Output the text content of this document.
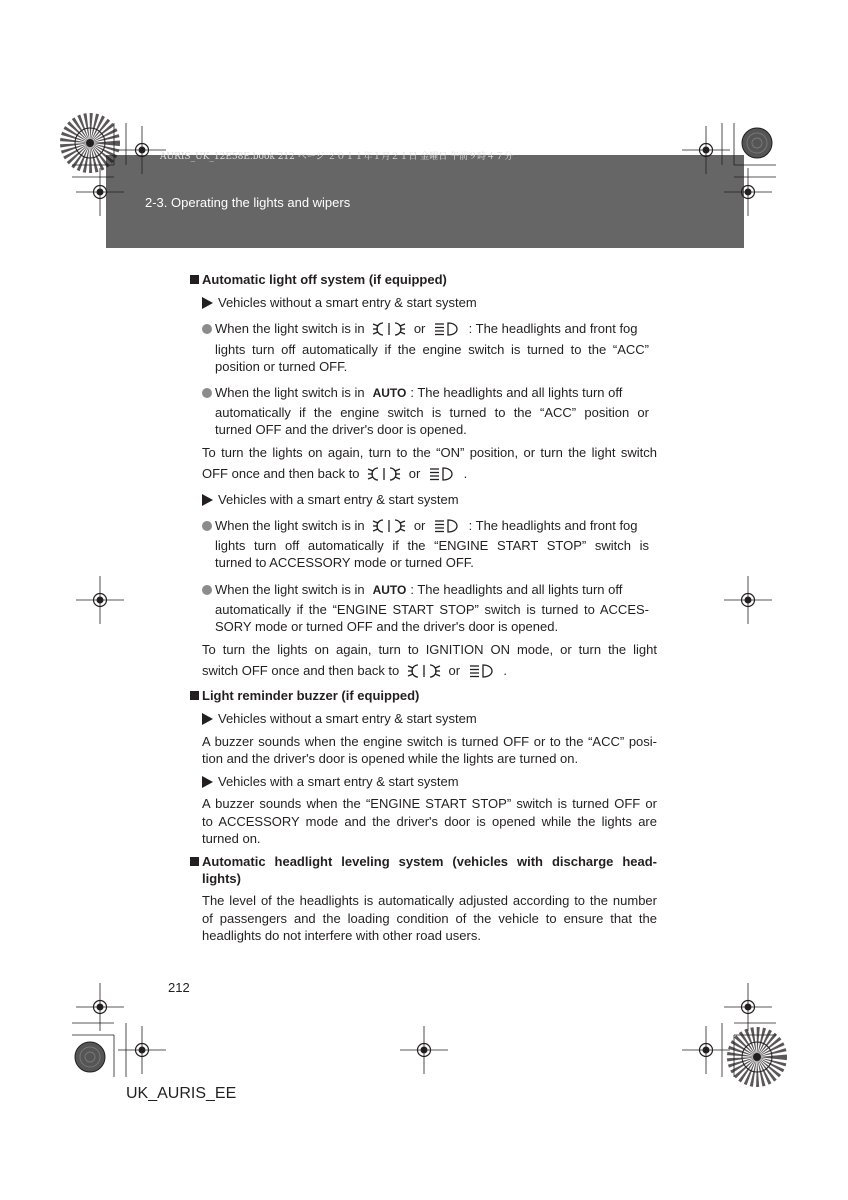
AURIS_UK_12E58E.book 212 ページ ２０１１年１月２１日 金曜日 午前９時４７分
2-3. Operating the lights and wipers
Automatic light off system (if equipped)
Vehicles without a smart entry & start system
When the light switch is in	or	: The headlights and front fog
lights turn off automatically if the engine switch is turned to the “ACC”
position or turned OFF.
When the light switch is in AUTO : The headlights and all lights turn off
automatically if the engine switch is turned to the “ACC” position or
turned OFF and the driver's door is opened.
To turn the lights on again, turn to the “ON” position, or turn the light switch
OFF once and then back to	or	.
Vehicles with a smart entry & start system
When the light switch is in	or	: The headlights and front fog
lights turn off automatically if the “ENGINE START STOP” switch is
turned to ACCESSORY mode or turned OFF.
When the light switch is in AUTO : The headlights and all lights turn off
automatically if the “ENGINE START STOP” switch is turned to ACCES-
SORY mode or turned OFF and the driver's door is opened.
To turn the lights on again, turn to IGNITION ON mode, or turn the light
switch OFF once and then back to	or	.
Light reminder buzzer (if equipped)
Vehicles without a smart entry & start system
A buzzer sounds when the engine switch is turned OFF or to the “ACC” posi-
tion and the driver's door is opened while the lights are turned on.
Vehicles with a smart entry & start system
A buzzer sounds when the “ENGINE START STOP” switch is turned OFF or
to ACCESSORY mode and the driver's door is opened while the lights are
turned on.
Automatic headlight leveling system (vehicles with discharge head-
lights)
The level of the headlights is automatically adjusted according to the number
of passengers and the loading condition of the vehicle to ensure that the
headlights do not interfere with other road users.
212
UK_AURIS_EE
